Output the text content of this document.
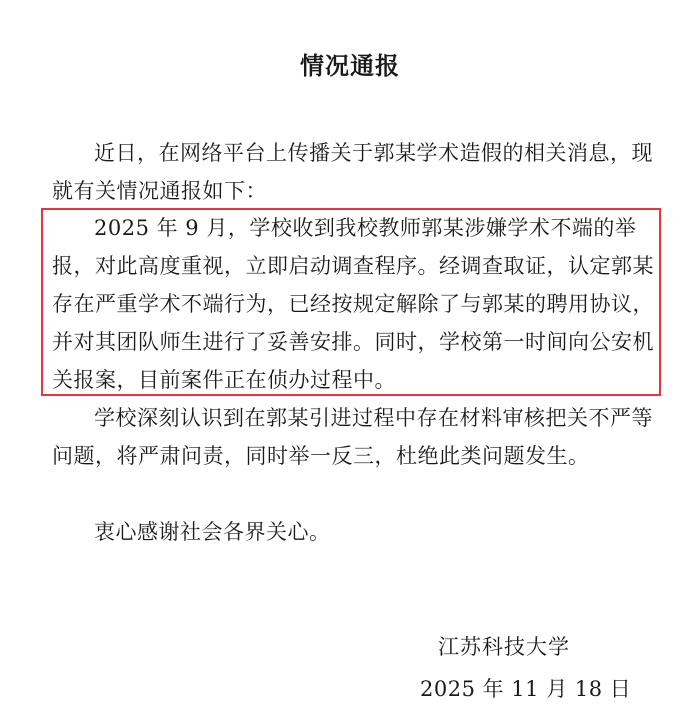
情况通报

近日，在网络平台上传播关于郭某学术造假的相关消息，现就有关情况通报如下：

2025 年 9 月，学校收到我校教师郭某涉嫌学术不端的举报，对此高度重视，立即启动调查程序。经调查取证，认定郭某存在严重学术不端行为，已经按规定解除了与郭某的聘用协议，并对其团队师生进行了妥善安排。同时，学校第一时间向公安机关报案，目前案件正在侦办过程中。

学校深刻认识到在郭某引进过程中存在材料审核把关不严等问题，将严肃问责，同时举一反三，杜绝此类问题发生。

衷心感谢社会各界关心。

江苏科技大学
2025 年 11 月 18 日
